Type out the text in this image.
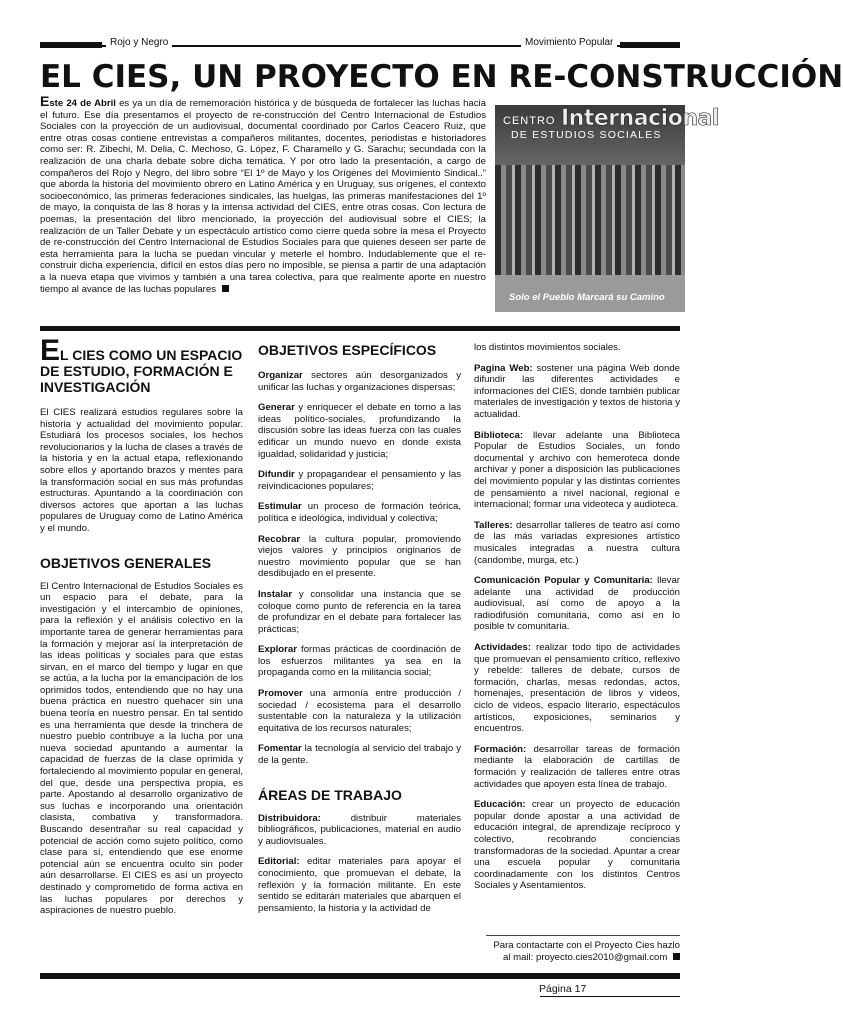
Rojo y Negro	Movimiento Popular
EL CIES, UN PROYECTO EN RE-CONSTRUCCIÓN
Este 24 de Abril es ya un día de rememoración histórica y de búsqueda de fortalecer las luchas hacia el futuro. Ese día presentamos el proyecto de re-construcción del Centro Internacional de Estudios Sociales con la proyección de un audiovisual, documental coordinado por Carlos Ceacero Ruiz, que entre otras cosas contiene entrevistas a compañeros militantes, docentes, periodistas e historiadores como ser: R. Zibechi, M. Delia, C. Mechoso, G. López, F. Charamello y G. Sarachu; secundada con la realización de una charla debate sobre dicha temática. Y por otro lado la presentación, a cargo de compañeros del Rojo y Negro, del libro sobre “El 1º de Mayo y los Orígenes del Movimiento Sindical..” que aborda la historia del movimiento obrero en Latino América y en Uruguay, sus orígenes, el contexto socioeconómico, las primeras federaciones sindicales, las huelgas, las primeras manifestaciones del 1º de mayo, la conquista de las 8 horas y la intensa actividad del CIES, entre otras cosas. Con lectura de poemas, la presentación del libro mencionado, la proyección del audiovisual sobre el CIES; la realización de un Taller Debate y un espectáculo artístico como cierre queda sobre la mesa el Proyecto de re-construcción del Centro Internacional de Estudios Sociales para que quienes deseen ser parte de esta herramienta para la lucha se puedan vincular y meterle el hombro. Indudablemente que el re-construir dicha experiencia, difícil en estos días pero no imposible, se piensa a partir de una adaptación a la nueva etapa que vivimos y también a una tarea colectiva, para que realmente aporte en nuestro tiempo al avance de las luchas populares
CENTRO Internacional
DE ESTUDIOS SOCIALES
Solo el Pueblo Marcará su Camino
EL CIES COMO UN ESPACIO DE ESTUDIO, FORMACIÓN E INVESTIGACIÓN

El CIES realizará estudios regulares sobre la historia y actualidad del movimiento popular. Estudiará los procesos sociales, los hechos revolucionarios y la lucha de clases a través de la historia y en la actual etapa, reflexionando sobre ellos y aportando brazos y mentes para la transformación social en sus más profundas estructuras. Apuntando a la coordinación con diversos actores que aportan a las luchas populares de Uruguay como de Latino América y el mundo.

OBJETIVOS GENERALES

El Centro Internacional de Estudios Sociales es un espacio para el debate, para la investigación y el intercambio de opiniones, para la reflexión y el análisis colectivo en la importante tarea de generar herramientas para la formación y mejorar así la interpretación de las ideas políticas y sociales para que estas sirvan, en el marco del tiempo y lugar en que se actúa, a la lucha por la emancipación de los oprimidos todos, entendiendo que no hay una buena práctica en nuestro quehacer sin una buena teoría en nuestro pensar. En tal sentido es una herramienta que desde la trinchera de nuestro pueblo contribuye a la lucha por una nueva sociedad apuntando a aumentar la capacidad de fuerzas de la clase oprimida y fortaleciendo al movimiento popular en general, del que, desde una perspectiva propia, es parte. Apostando al desarrollo organizativo de sus luchas e incorporando una orientación clasista, combativa y transformadora. Buscando desentrañar su real capacidad y potencial de acción como sujeto político, como clase para sí, entendiendo que ese enorme potencial aún se encuentra oculto sin poder aún desarrollarse. El CIES es así un proyecto destinado y comprometido de forma activa en las luchas populares por derechos y aspiraciones de nuestro pueblo.

OBJETIVOS ESPECÍFICOS

Organizar sectores aún desorganizados y unificar las luchas y organizaciones dispersas;

Generar y enriquecer el debate en torno a las ideas político-sociales, profundizando la discusión sobre las ideas fuerza con las cuales edificar un mundo nuevo en donde exista igualdad, solidaridad y justicia;

Difundir y propagandear el pensamiento y las reivindicaciones populares;

Estimular un proceso de formación teórica, política e ideológica, individual y colectiva;

Recobrar la cultura popular, promoviendo viejos valores y principios originarios de nuestro movimiento popular que se han desdibujado en el presente.

Instalar y consolidar una instancia que se coloque como punto de referencia en la tarea de profundizar en el debate para fortalecer las prácticas;

Explorar formas prácticas de coordinación de los esfuerzos militantes ya sea en la propaganda como en la militancia social;

Promover una armonía entre producción / sociedad / ecosistema para el desarrollo sustentable con la naturaleza y la utilización equitativa de los recursos naturales;

Fomentar la tecnología al servicio del trabajo y de la gente.

ÁREAS DE TRABAJO

Distribuidora: distribuir materiales bibliográficos, publicaciones, material en audio y audiovisuales.

Editorial: editar materiales para apoyar el conocimiento, que promuevan el debate, la reflexión y la formación militante. En este sentido se editarán materiales que abarquen el pensamiento, la historia y la actividad de

los distintos movimientos sociales.

Pagina Web: sostener una página Web donde difundir las diferentes actividades e informaciones del CIES, donde también publicar materiales de investigación y textos de historia y actualidad.

Biblioteca: llevar adelante una Biblioteca Popular de Estudios Sociales, un fondo documental y archivo con hemeroteca donde archivar y poner a disposición las publicaciones del movimiento popular y las distintas corrientes de pensamiento a nivel nacional, regional e internacional; formar una videoteca y audioteca.

Talleres: desarrollar talleres de teatro así como de las más variadas expresiones artístico musicales integradas a nuestra cultura (candombe, murga, etc.)

Comunicación Popular y Comunitaria: llevar adelante una actividad de producción audiovisual, así como de apoyo a la radiodifusión comunitaria, como así en lo posible tv comunitaria.

Actividades: realizar todo tipo de actividades que promuevan el pensamiento crítico, reflexivo y rebelde: talleres de debate, cursos de formación, charlas, mesas redondas, actos, homenajes, presentación de libros y videos, ciclo de videos, espacio literario, espectáculos artísticos, exposiciones, seminarios y encuentros.

Formación: desarrollar tareas de formación mediante la elaboración de cartillas de formación y realización de talleres entre otras actividades que apoyen esta línea de trabajo.

Educación: crear un proyecto de educación popular donde apostar a una actividad de educación integral, de aprendizaje recíproco y colectivo, recobrando conciencias transformadoras de la sociedad. Apuntar a crear una escuela popular y comunitaria coordinadamente con los distintos Centros Sociales y Asentamientos.

Para contactarte con el Proyecto Cies hazlo
al mail: proyecto.cies2010@gmail.com
Página 17
